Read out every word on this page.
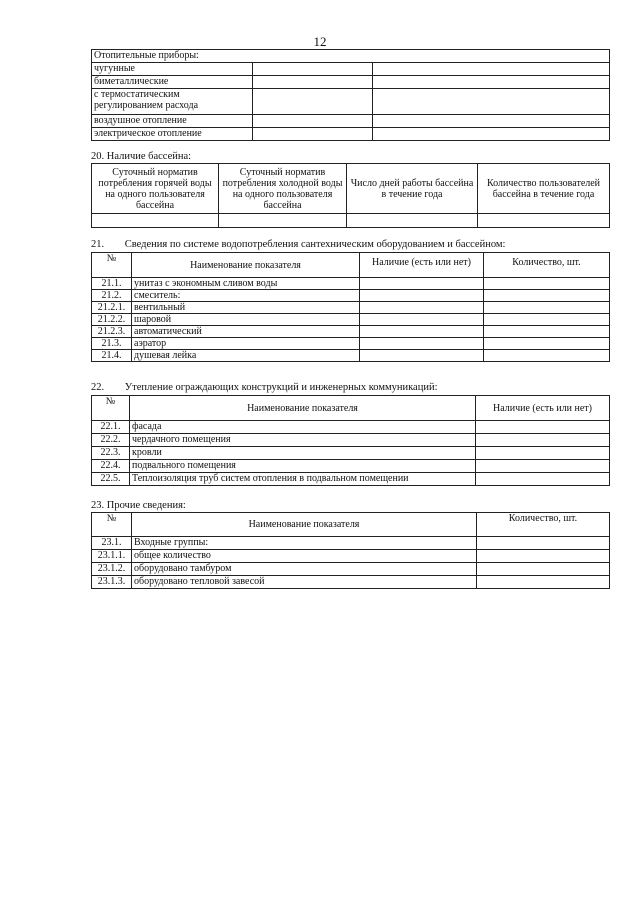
12
Отопительные приборы:		
чугунные		
биметаллические		
с термостатическим регулированием расхода		
воздушное отопление		
электрическое отопление		
20. Наличие бассейна:
Суточный норматив потребления горячей воды на одного пользователя бассейна	Суточный норматив потребления холодной воды на одного пользователя бассейна	Число дней работы бассейна в течение года	Количество пользователей бассейна в течение года

21. Сведения по системе водопотребления сантехническим оборудованием и бассейном:
№	Наименование показателя	Наличие (есть или нет)	Количество, шт.
21.1.	унитаз с экономным сливом воды		
21.2.	смеситель:		
21.2.1.	вентильный		
21.2.2.	шаровой		
21.2.3.	автоматический		
21.3.	аэратор		
21.4.	душевая лейка		
22. Утепление ограждающих конструкций и инженерных коммуникаций:
№	Наименование показателя	Наличие (есть или нет)
22.1.	фасада	
22.2.	чердачного помещения	
22.3.	кровли	
22.4.	подвального помещения	
22.5.	Теплоизоляция труб систем отопления в подвальном помещении	
23. Прочие сведения:
№	Наименование показателя	Количество, шт.
23.1.	Входные группы:	
23.1.1.	общее количество	
23.1.2.	оборудовано тамбуром	
23.1.3.	оборудовано тепловой завесой	
